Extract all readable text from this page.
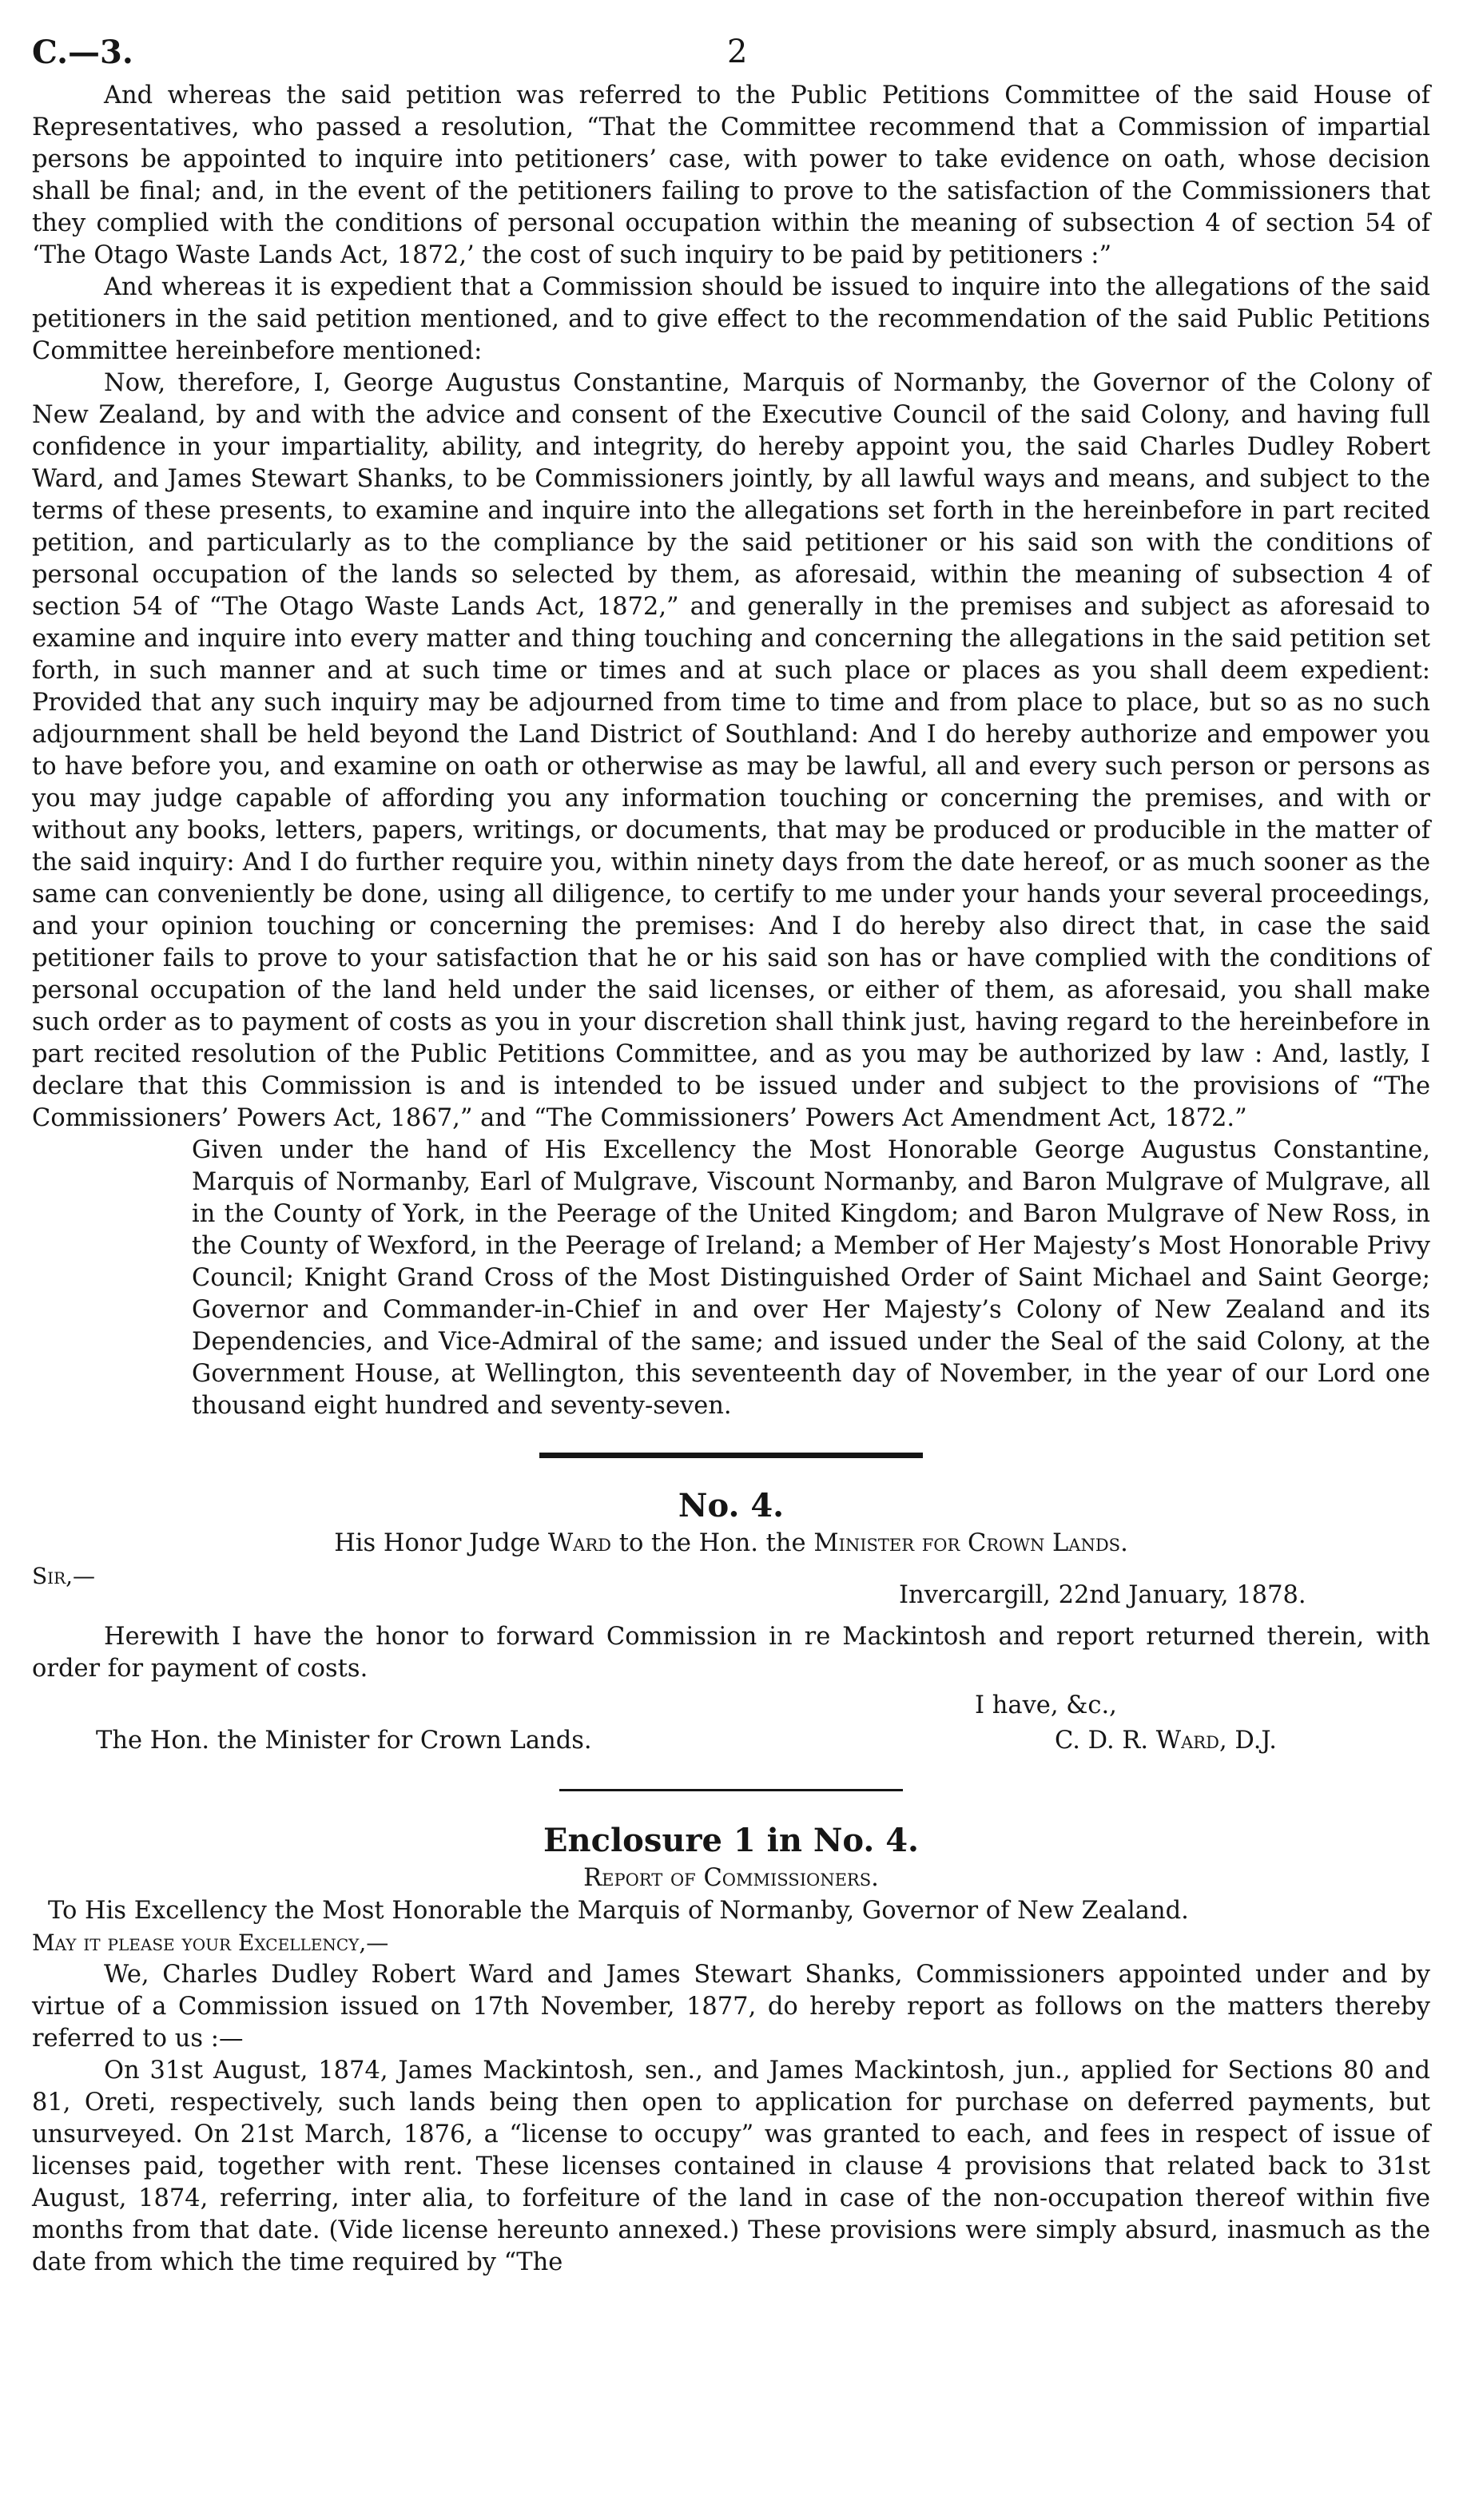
C.—3.	2

And whereas the said petition was referred to the Public Petitions Committee of the said House of Representatives, who passed a resolution, “That the Committee recommend that a Commission of impartial persons be appointed to inquire into petitioners’ case, with power to take evidence on oath, whose decision shall be final; and, in the event of the petitioners failing to prove to the satisfaction of the Commissioners that they complied with the conditions of personal occupation within the meaning of subsection 4 of section 54 of ‘The Otago Waste Lands Act, 1872,’ the cost of such inquiry to be paid by petitioners :”

And whereas it is expedient that a Commission should be issued to inquire into the allegations of the said petitioners in the said petition mentioned, and to give effect to the recommendation of the said Public Petitions Committee hereinbefore mentioned:

Now, therefore, I, George Augustus Constantine, Marquis of Normanby, the Governor of the Colony of New Zealand, by and with the advice and consent of the Executive Council of the said Colony, and having full confidence in your impartiality, ability, and integrity, do hereby appoint you, the said Charles Dudley Robert Ward, and James Stewart Shanks, to be Commissioners jointly, by all lawful ways and means, and subject to the terms of these presents, to examine and inquire into the allegations set forth in the hereinbefore in part recited petition, and particularly as to the compliance by the said petitioner or his said son with the conditions of personal occupation of the lands so selected by them, as aforesaid, within the meaning of subsection 4 of section 54 of “The Otago Waste Lands Act, 1872,” and generally in the premises and subject as aforesaid to examine and inquire into every matter and thing touching and concerning the allegations in the said petition set forth, in such manner and at such time or times and at such place or places as you shall deem expedient: Provided that any such inquiry may be adjourned from time to time and from place to place, but so as no such adjournment shall be held beyond the Land District of Southland: And I do hereby authorize and empower you to have before you, and examine on oath or otherwise as may be lawful, all and every such person or persons as you may judge capable of affording you any information touching or concerning the premises, and with or without any books, letters, papers, writings, or documents, that may be produced or producible in the matter of the said inquiry: And I do further require you, within ninety days from the date hereof, or as much sooner as the same can conveniently be done, using all diligence, to certify to me under your hands your several proceedings, and your opinion touching or concerning the premises: And I do hereby also direct that, in case the said petitioner fails to prove to your satisfaction that he or his said son has or have complied with the conditions of personal occupation of the land held under the said licenses, or either of them, as aforesaid, you shall make such order as to payment of costs as you in your discretion shall think just, having regard to the hereinbefore in part recited resolution of the Public Petitions Committee, and as you may be authorized by law : And, lastly, I declare that this Commission is and is intended to be issued under and subject to the provisions of “The Commissioners’ Powers Act, 1867,” and “The Commissioners’ Powers Act Amendment Act, 1872.”

Given under the hand of His Excellency the Most Honorable George Augustus Constantine, Marquis of Normanby, Earl of Mulgrave, Viscount Normanby, and Baron Mulgrave of Mulgrave, all in the County of York, in the Peerage of the United Kingdom; and Baron Mulgrave of New Ross, in the County of Wexford, in the Peerage of Ireland; a Member of Her Majesty’s Most Honorable Privy Council; Knight Grand Cross of the Most Distinguished Order of Saint Michael and Saint George; Governor and Commander-in-Chief in and over Her Majesty’s Colony of New Zealand and its Dependencies, and Vice-Admiral of the same; and issued under the Seal of the said Colony, at the Government House, at Wellington, this seventeenth day of November, in the year of our Lord one thousand eight hundred and seventy-seven.

No. 4.

His Honor Judge Ward to the Hon. the Minister for Crown Lands.

Sir,—
Invercargill, 22nd January, 1878.

Herewith I have the honor to forward Commission in re Mackintosh and report returned therein, with order for payment of costs.

I have, &c.,
The Hon. the Minister for Crown Lands.	C. D. R. Ward, D.J.
Enclosure 1 in No. 4.

Report of Commissioners.

To His Excellency the Most Honorable the Marquis of Normanby, Governor of New Zealand.

May it please your Excellency,—

We, Charles Dudley Robert Ward and James Stewart Shanks, Commissioners appointed under and by virtue of a Commission issued on 17th November, 1877, do hereby report as follows on the matters thereby referred to us :—

On 31st August, 1874, James Mackintosh, sen., and James Mackintosh, jun., applied for Sections 80 and 81, Oreti, respectively, such lands being then open to application for purchase on deferred payments, but unsurveyed. On 21st March, 1876, a “license to occupy” was granted to each, and fees in respect of issue of licenses paid, together with rent. These licenses contained in clause 4 provisions that related back to 31st August, 1874, referring, inter alia, to forfeiture of the land in case of the non-occupation thereof within five months from that date. (Vide license hereunto annexed.) These provisions were simply absurd, inasmuch as the date from which the time required by “The
